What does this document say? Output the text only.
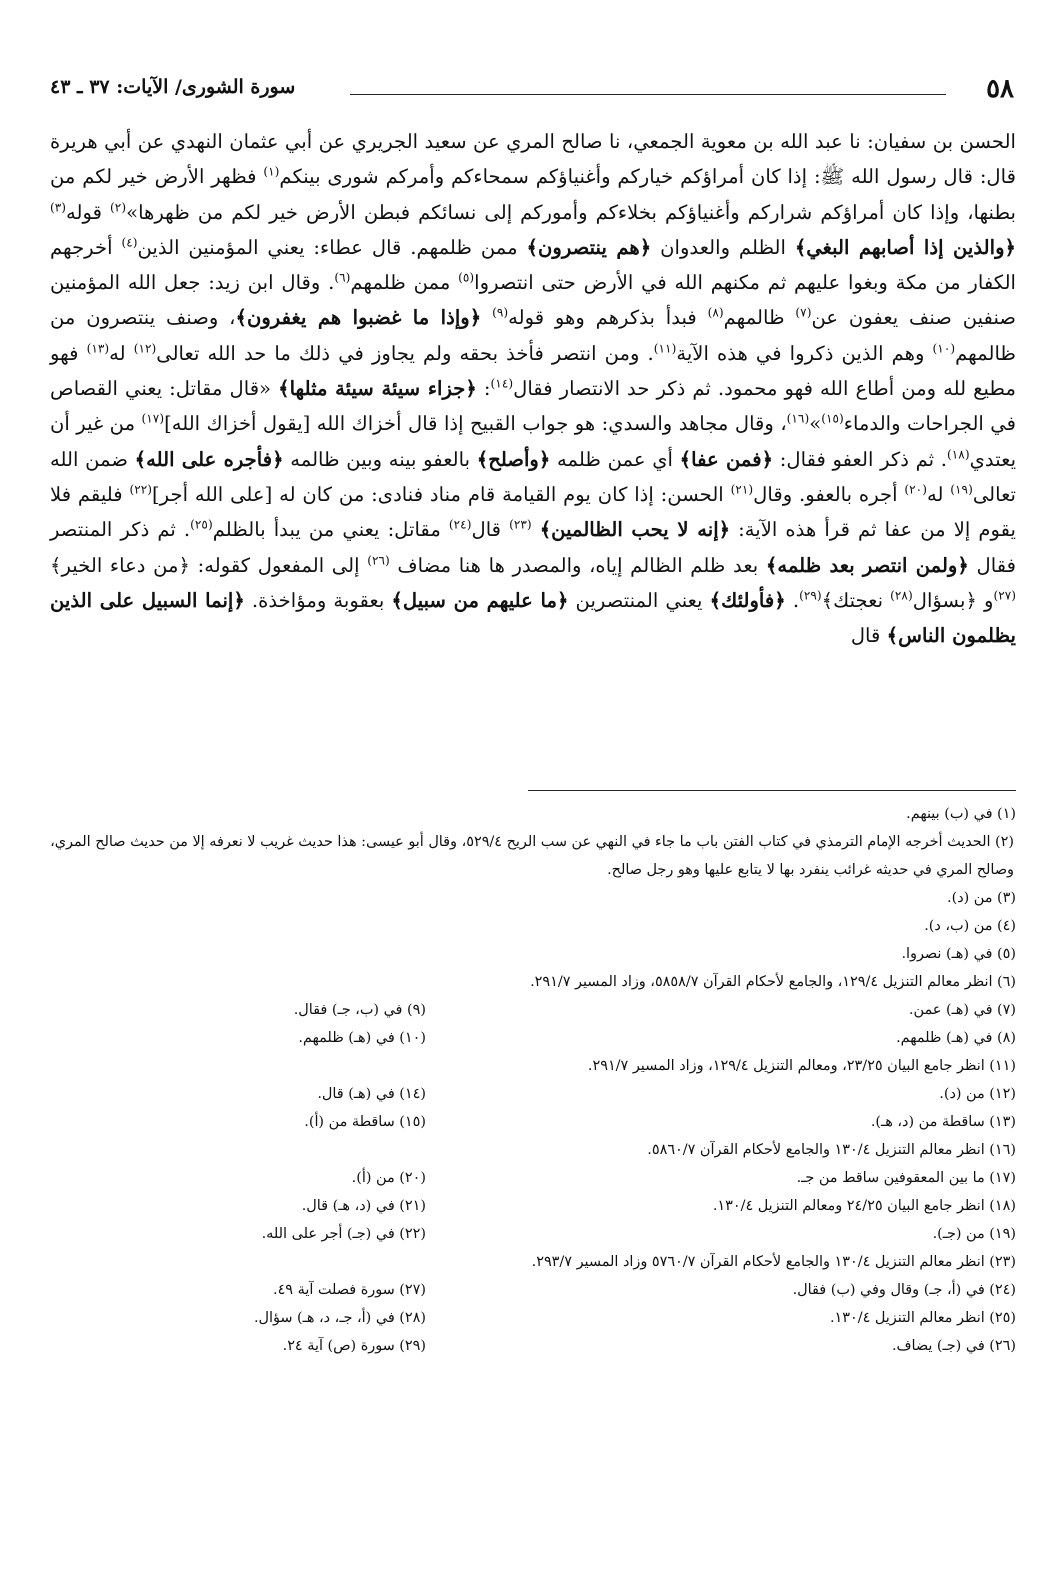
٥٨
سورة الشورى/ الآيات: ٣٧ ـ ٤٣

الحسن بن سفيان: نا عبد الله بن معوية الجمعي، نا صالح المري عن سعيد الجريري عن أبي عثمان النهدي عن أبي هريرة قال: قال رسول الله ﷺ: إذا كان أمراؤكم خياركم وأغنياؤكم سمحاءكم وأمركم شورى بينكم$^{(١)}$ فظهر الأرض خير لكم من بطنها، وإذا كان أمراؤكم شراركم وأغنياؤكم بخلاءكم وأموركم إلى نسائكم فبطن الأرض خير لكم من ظهرها»$^{(٢)}$ قوله$^{(٣)}$ ﴿والذين إذا أصابهم البغي﴾ الظلم والعدوان ﴿هم ينتصرون﴾ ممن ظلمهم. قال عطاء: يعني المؤمنين الذين$^{(٤)}$ أخرجهم الكفار من مكة وبغوا عليهم ثم مكنهم الله في الأرض حتى انتصروا$^{(٥)}$ ممن ظلمهم$^{(٦)}$. وقال ابن زيد: جعل الله المؤمنين صنفين صنف يعفون عن$^{(٧)}$ ظالمهم$^{(٨)}$ فبدأ بذكرهم وهو قوله$^{(٩)}$ ﴿وإذا ما غضبوا هم يغفرون﴾، وصنف ينتصرون من ظالمهم$^{(١٠)}$ وهم الذين ذكروا في هذه الآية$^{(١١)}$. ومن انتصر فأخذ بحقه ولم يجاوز في ذلك ما حد الله تعالى$^{(١٢)}$ له$^{(١٣)}$ فهو مطيع لله ومن أطاع الله فهو محمود. ثم ذكر حد الانتصار فقال$^{(١٤)}$: ﴿جزاء سيئة سيئة مثلها﴾ «قال مقاتل: يعني القصاص في الجراحات والدماء$^{(١٥)}$»$^{(١٦)}$، وقال مجاهد والسدي: هو جواب القبيح إذا قال أخزاك الله [يقول أخزاك الله]$^{(١٧)}$ من غير أن يعتدي$^{(١٨)}$. ثم ذكر العفو فقال: ﴿فمن عفا﴾ أي عمن ظلمه ﴿وأصلح﴾ بالعفو بينه وبين ظالمه ﴿فأجره على الله﴾ ضمن الله تعالى$^{(١٩)}$ له$^{(٢٠)}$ أجره بالعفو. وقال$^{(٢١)}$ الحسن: إذا كان يوم القيامة قام مناد فنادى: من كان له [على الله أجر]$^{(٢٢)}$ فليقم فلا يقوم إلا من عفا ثم قرأ هذه الآية: ﴿إنه لا يحب الظالمين﴾ $^{(٢٣)}$ قال$^{(٢٤)}$ مقاتل: يعني من يبدأ بالظلم$^{(٢٥)}$. ثم ذكر المنتصر فقال ﴿ولمن انتصر بعد ظلمه﴾ بعد ظلم الظالم إياه، والمصدر ها هنا مضاف $^{(٢٦)}$ إلى المفعول كقوله: ﴿من دعاء الخير﴾ $^{(٢٧)}$و ﴿بسؤال$^{(٢٨)}$ نعجتك﴾$^{(٢٩)}$. ﴿فأولئك﴾ يعني المنتصرين ﴿ما عليهم من سبيل﴾ بعقوبة ومؤاخذة. ﴿إنما السبيل على الذين يظلمون الناس﴾ قال

(١) في (ب) بينهم.
(٢) الحديث أخرجه الإمام الترمذي في كتاب الفتن باب ما جاء في النهي عن سب الريح ٥٢٩/٤، وقال أبو عيسى: هذا حديث غريب لا نعرفه إلا من حديث صالح المري، وصالح المري في حديثه غرائب ينفرد بها لا يتابع عليها وهو رجل صالح.
(٣) من (د).
(٤) من (ب، د).
(٥) في (هـ) نصروا.
(٦) انظر معالم التنزيل ١٢٩/٤، والجامع لأحكام القرآن ٥٨٥٨/٧، وزاد المسير ٢٩١/٧.
(٧) في (هـ) عمن.
(٩) في (ب، جـ) فقال.
(٨) في (هـ) ظلمهم.
(١٠) في (هـ) ظلمهم.
(١١) انظر جامع البيان ٢٣/٢٥، ومعالم التنزيل ١٢٩/٤، وزاد المسير ٢٩١/٧.
(١٢) من (د).
(١٤) في (هـ) قال.
(١٣) ساقطة من (د، هـ).
(١٥) ساقطة من (أ).
(١٦) انظر معالم التنزيل ١٣٠/٤ والجامع لأحكام القرآن ٥٨٦٠/٧.
(١٧) ما بين المعقوفين ساقط من جـ.
(٢٠) من (أ).
(١٨) انظر جامع البيان ٢٤/٢٥ ومعالم التنزيل ١٣٠/٤.
(٢١) في (د، هـ) قال.
(١٩) من (جـ).
(٢٢) في (جـ) أجر على الله.
(٢٣) انظر معالم التنزيل ١٣٠/٤ والجامع لأحكام القرآن ٥٧٦٠/٧ وزاد المسير ٢٩٣/٧.
(٢٤) في (أ، جـ) وقال وفي (ب) فقال.
(٢٧) سورة فصلت آية ٤٩.
(٢٥) انظر معالم التنزيل ١٣٠/٤.
(٢٨) في (أ، جـ، د، هـ) سؤال.
(٢٦) في (جـ) يضاف.
(٢٩) سورة (ص) آية ٢٤.
